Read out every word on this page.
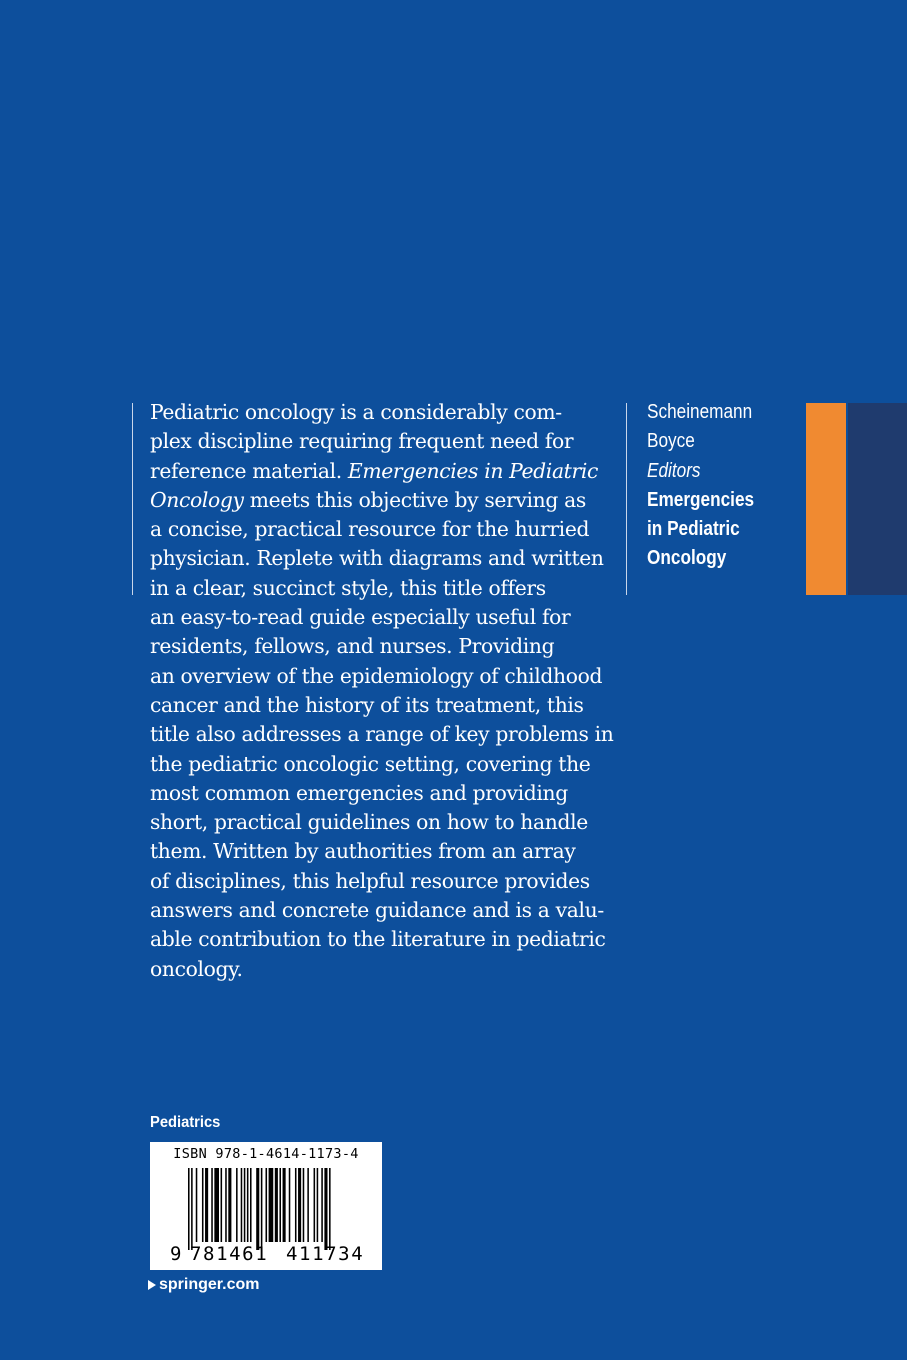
Pediatric oncology is a considerably com-
plex discipline requiring frequent need for
reference material. Emergencies in Pediatric
Oncology meets this objective by serving as
a concise, practical resource for the hurried
physician. Replete with diagrams and written
in a clear, succinct style, this title offers
an easy-to-read guide especially useful for
residents, fellows, and nurses. Providing
an overview of the epidemiology of childhood
cancer and the history of its treatment, this
title also addresses a range of key problems in
the pediatric oncologic setting, covering the
most common emergencies and providing
short, practical guidelines on how to handle
them. Written by authorities from an array
of disciplines, this helpful resource provides
answers and concrete guidance and is a valu-
able contribution to the literature in pediatric
oncology.

Scheinemann
Boyce
Editors
Emergencies
in Pediatric
Oncology
Pediatrics
ISBN 978-1-4614-1173-4
9 781461 411734
springer.com
